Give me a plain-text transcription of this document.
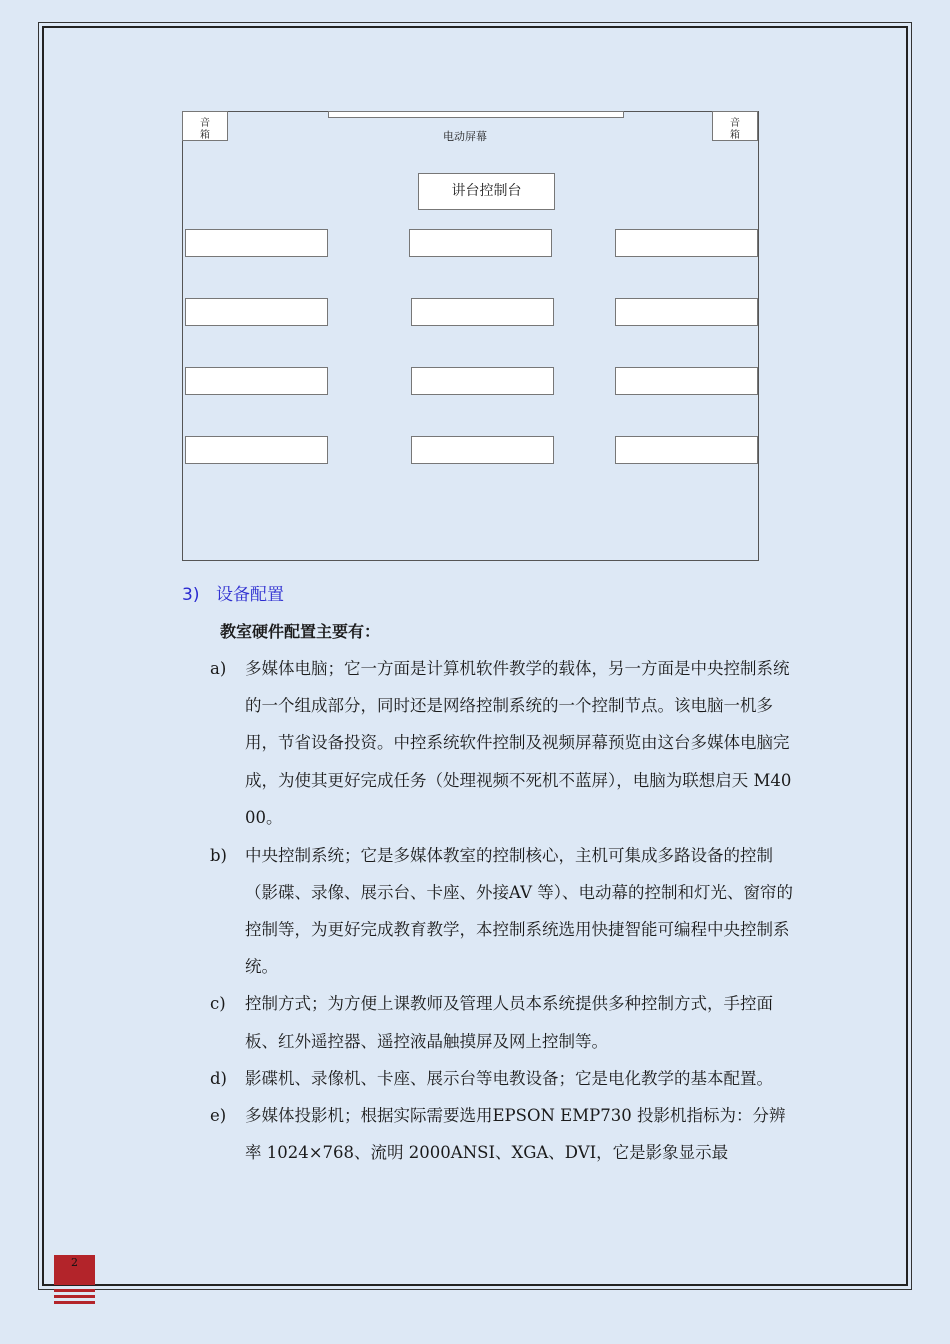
音
箱	电动屏幕
音
箱
讲台控制台
3) 设备配置
教室硬件配置主要有：
a)	多媒体电脑；它一方面是计算机软件教学的载体，另一方面是中央控制系统的一个组成部分，同时还是网络控制系统的一个控制节点。该电脑一机多用，节省设备投资。中控系统软件控制及视频屏幕预览由这台多媒体电脑完成，为使其更好完成任务（处理视频不死机不蓝屏），电脑为联想启天 M4000。
b)	中央控制系统；它是多媒体教室的控制核心，主机可集成多路设备的控制（影碟、录像、展示台、卡座、外接AV 等）、电动幕的控制和灯光、窗帘的控制等，为更好完成教育教学，本控制系统选用快捷智能可编程中央控制系统。
c)	控制方式；为方便上课教师及管理人员本系统提供多种控制方式，手控面板、红外遥控器、遥控液晶触摸屏及网上控制等。
d)	影碟机、录像机、卡座、展示台等电教设备；它是电化教学的基本配置。
e)	多媒体投影机；根据实际需要选用EPSON EMP730 投影机指标为：分辨率 1024×768、流明 2000ANSI、XGA、DVI，它是影象显示最
2
